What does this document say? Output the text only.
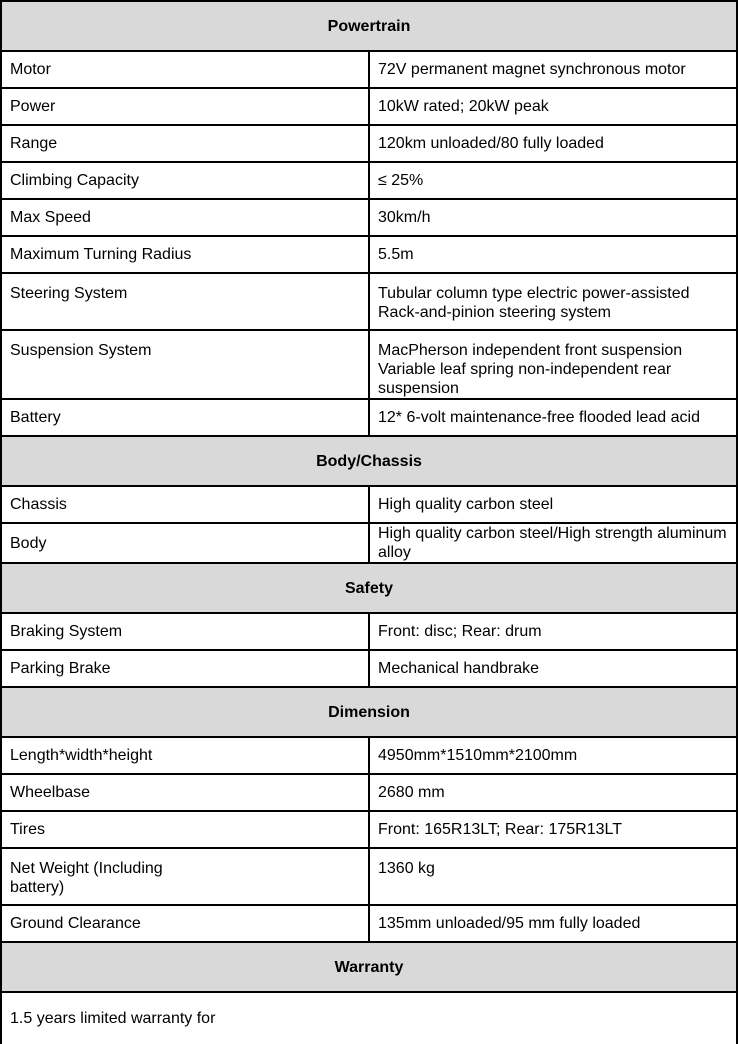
Powertrain	
Motor	72V permanent magnet synchronous motor
Power	10kW rated; 20kW peak
Range	120km unloaded/80 fully loaded
Climbing Capacity	≤ 25%
Max Speed	30km/h
Maximum Turning Radius	5.5m
Steering System	Tubular column type electric power-assisted
Rack-and-pinion steering system

Suspension System	MacPherson independent front suspension
Variable leaf spring non-independent rear suspension

Battery	12* 6-volt maintenance-free flooded lead acid
Body/Chassis	
Chassis	High quality carbon steel
Body	High quality carbon steel/High strength aluminum alloy
Safety	
Braking System	Front: disc; Rear: drum
Parking Brake	Mechanical handbrake
Dimension	
Length*width*height	4950mm*1510mm*2100mm
Wheelbase	2680 mm
Tires	Front: 165R13LT; Rear: 175R13LT

Net Weight (Including
battery)	1360 kg
Ground Clearance	135mm unloaded/95 mm fully loaded
Warranty	
1.5 years limited warranty for	
